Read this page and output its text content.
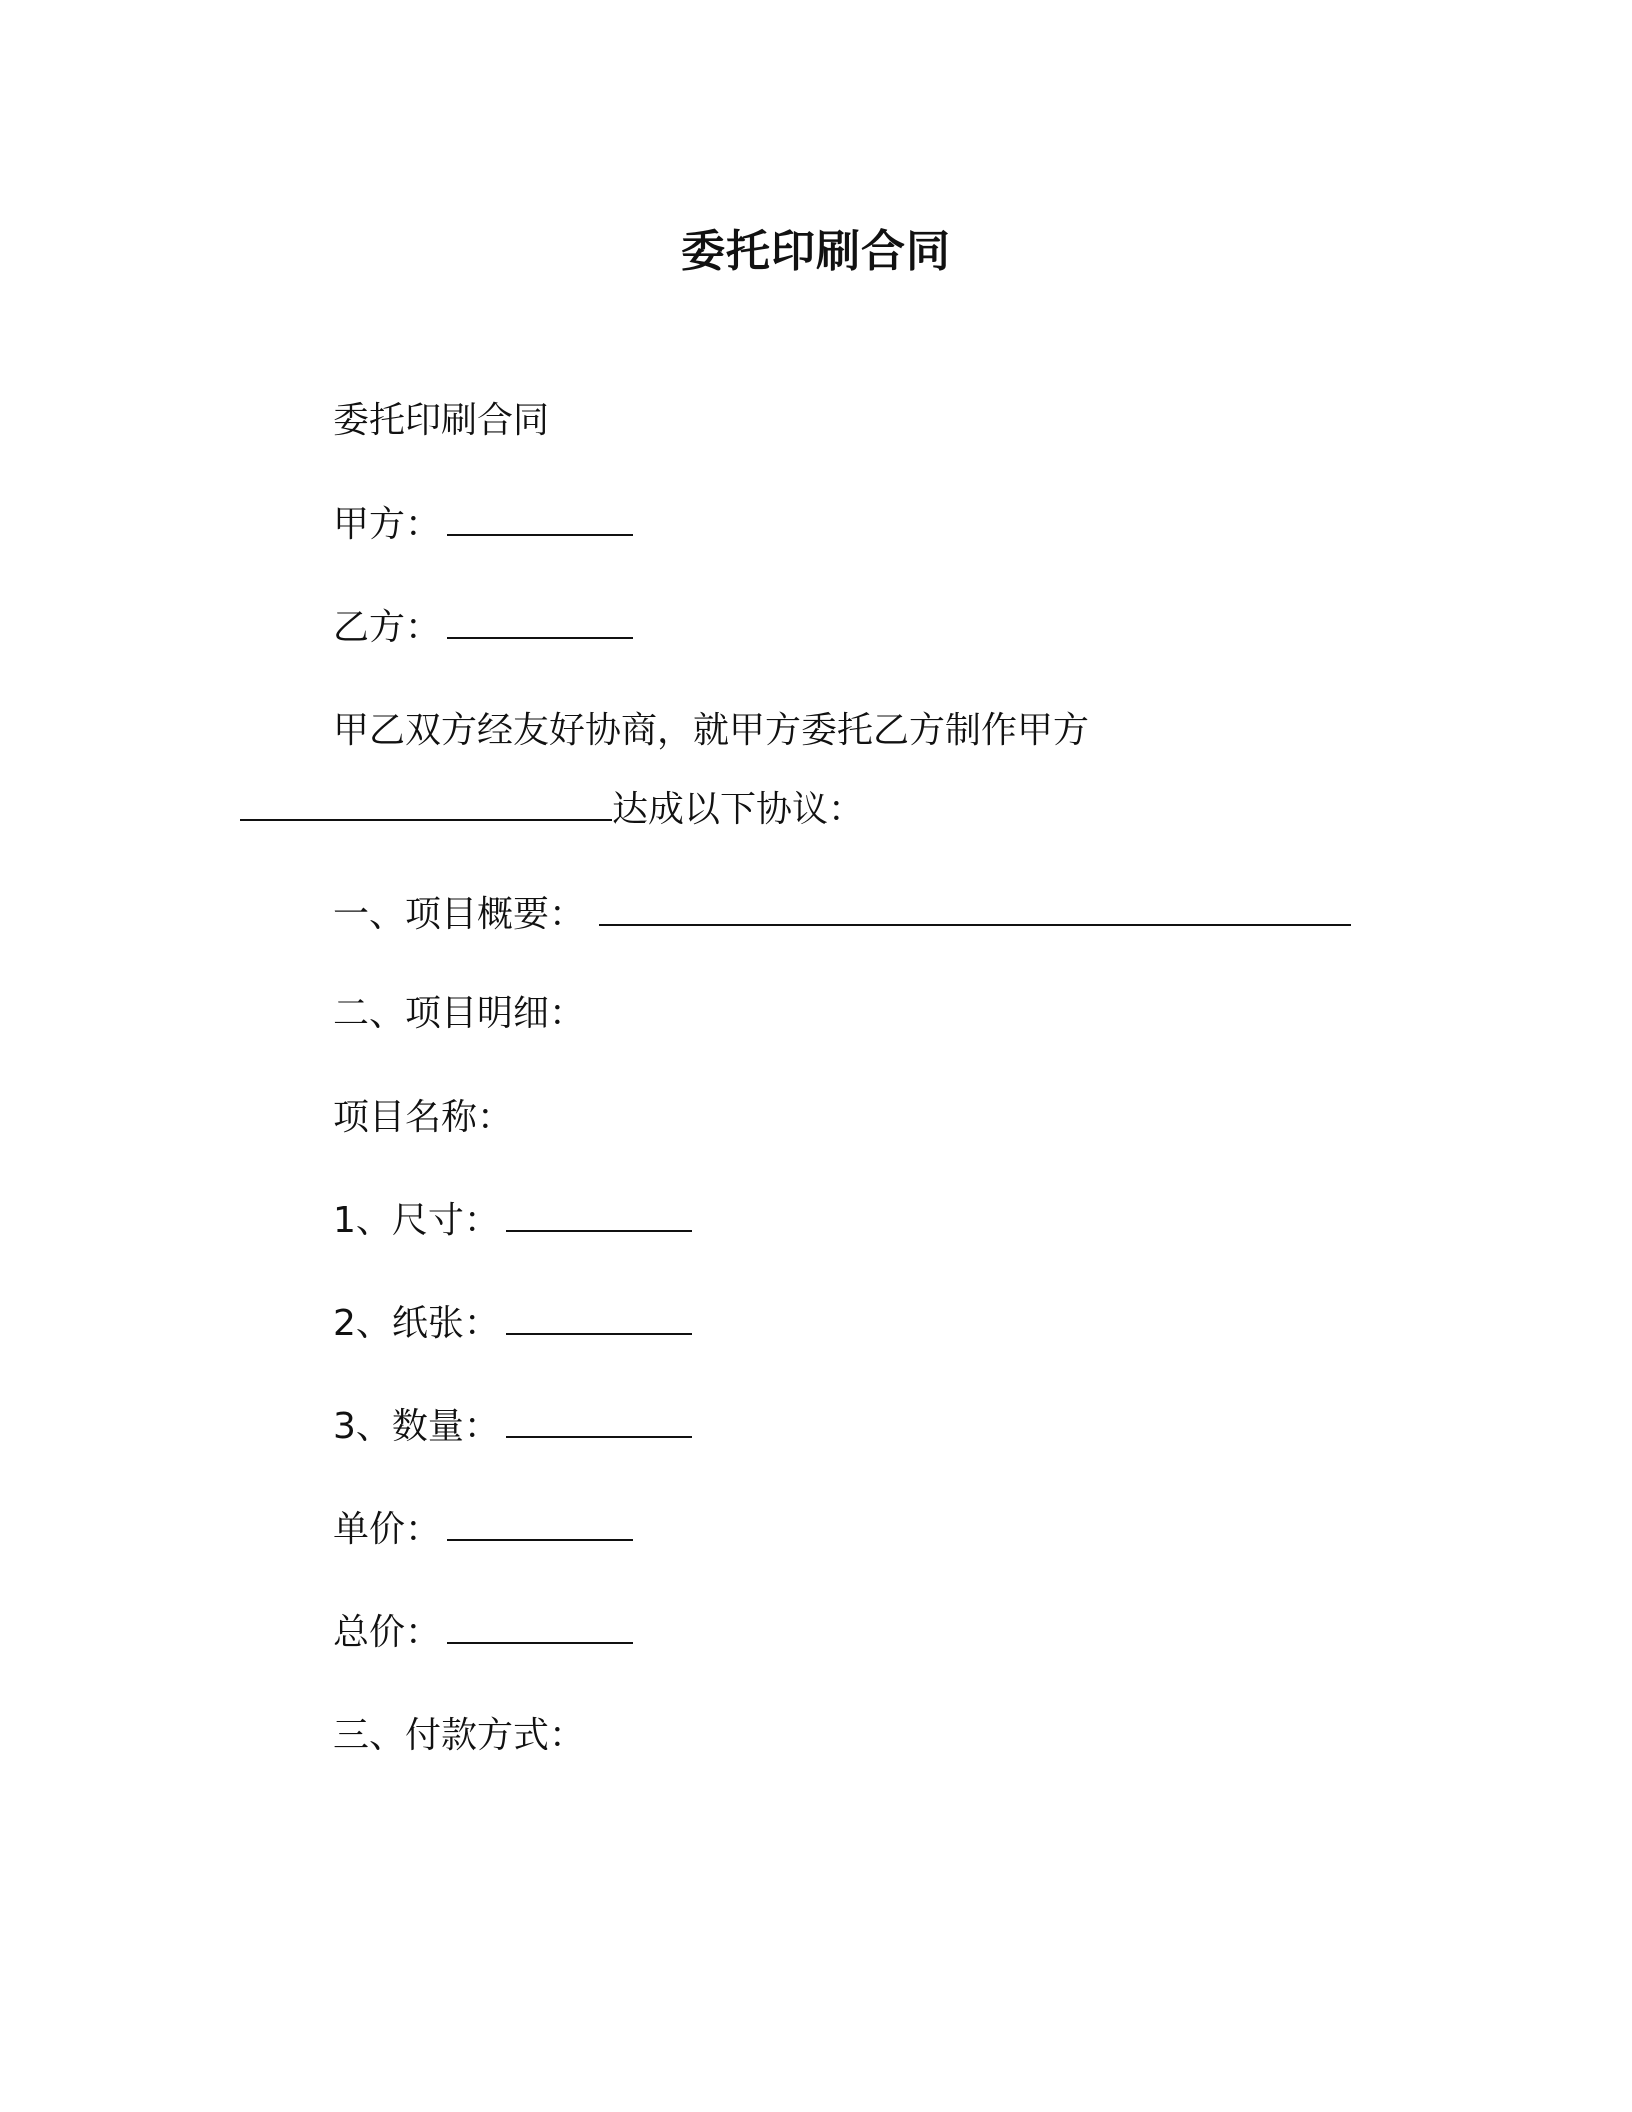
委托印刷合同

委托印刷合同

甲方：

乙方：

甲乙双方经友好协商，就甲方委托乙方制作甲方

达成以下协议：

一、项目概要：

二、项目明细：

项目名称：

1、尺寸：

2、纸张：

3、数量：

单价：

总价：

三、付款方式：
